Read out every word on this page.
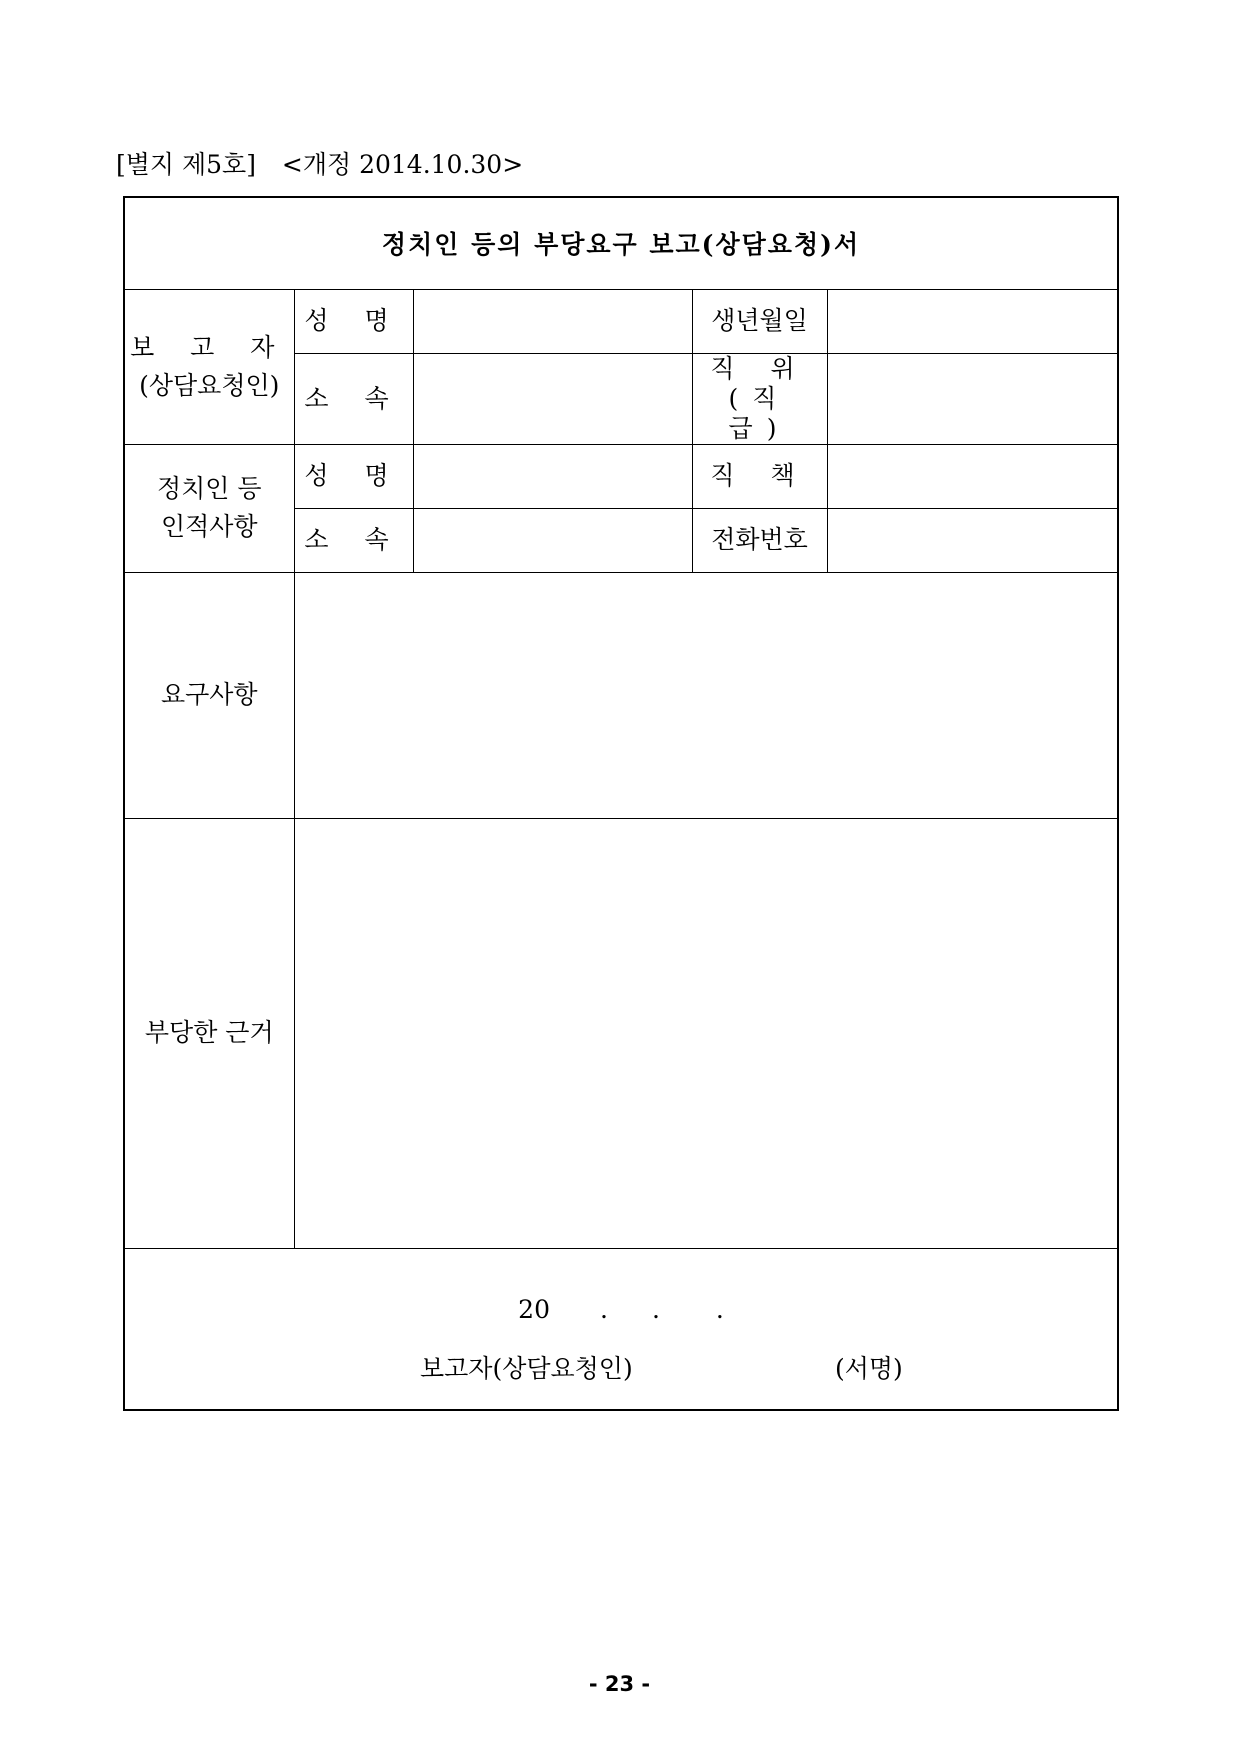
[별지 제5호] <개정 2014.10.30>
정치인 등의 부당요구 보고(상담요청)서				

보 고 자
(상담요청인)	성 명		생년월일	
	소 속		직 위
(직 급)	

정치인 등
인적사항	성 명		직 책	
	소 속		전화번호	
요구사항				
부당한 근거				

20 . . .
보고자(상담요청인) (서명)				
- 23 -
